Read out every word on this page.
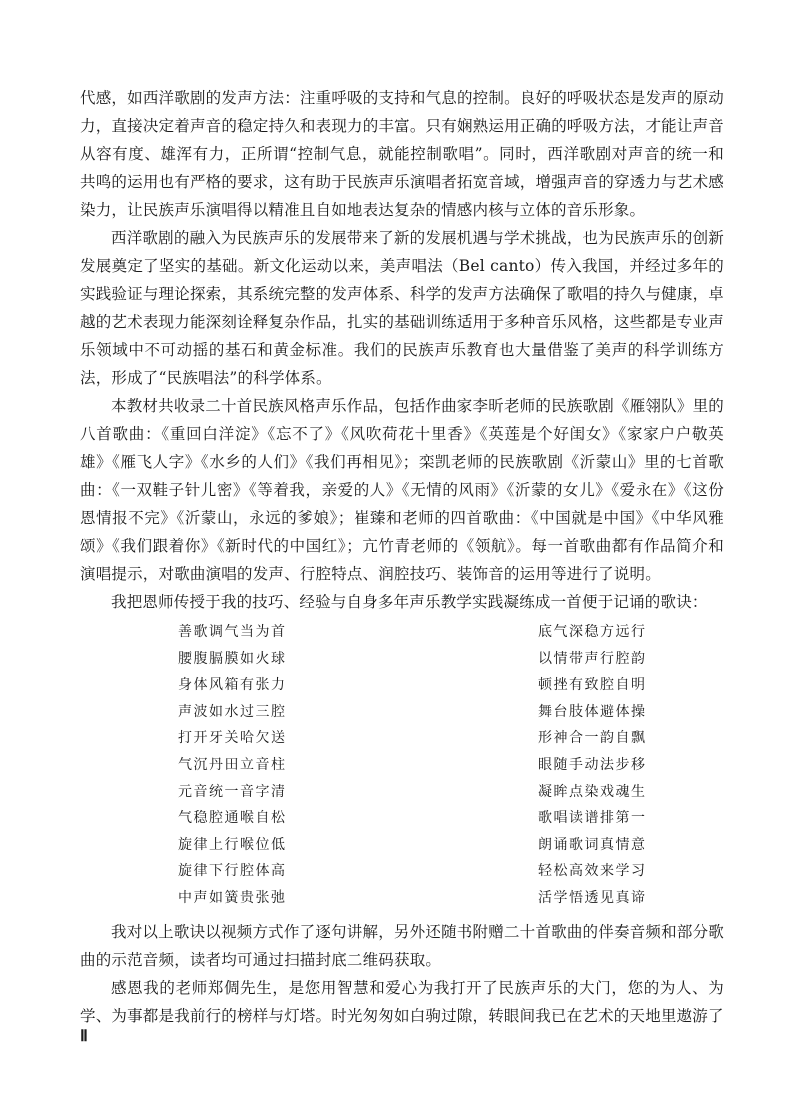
代感，如西洋歌剧的发声方法：注重呼吸的支持和气息的控制。良好的呼吸状态是发声的原动力，直接决定着声音的稳定持久和表现力的丰富。只有娴熟运用正确的呼吸方法，才能让声音从容有度、雄浑有力，正所谓“控制气息，就能控制歌唱”。同时，西洋歌剧对声音的统一和共鸣的运用也有严格的要求，这有助于民族声乐演唱者拓宽音域，增强声音的穿透力与艺术感染力，让民族声乐演唱得以精准且自如地表达复杂的情感内核与立体的音乐形象。

西洋歌剧的融入为民族声乐的发展带来了新的发展机遇与学术挑战，也为民族声乐的创新发展奠定了坚实的基础。新文化运动以来，美声唱法（Bel canto）传入我国，并经过多年的实践验证与理论探索，其系统完整的发声体系、科学的发声方法确保了歌唱的持久与健康，卓越的艺术表现力能深刻诠释复杂作品，扎实的基础训练适用于多种音乐风格，这些都是专业声乐领域中不可动摇的基石和黄金标准。我们的民族声乐教育也大量借鉴了美声的科学训练方法，形成了“民族唱法”的科学体系。

本教材共收录二十首民族风格声乐作品，包括作曲家李昕老师的民族歌剧《雁翎队》里的八首歌曲：《重回白洋淀》《忘不了》《风吹荷花十里香》《英莲是个好闺女》《家家户户敬英雄》《雁飞人字》《水乡的人们》《我们再相见》；栾凯老师的民族歌剧《沂蒙山》里的七首歌曲：《一双鞋子针儿密》《等着我，亲爱的人》《无情的风雨》《沂蒙的女儿》《爱永在》《这份恩情报不完》《沂蒙山，永远的爹娘》；崔臻和老师的四首歌曲：《中国就是中国》《中华风雅颂》《我们跟着你》《新时代的中国红》；亢竹青老师的《领航》。每一首歌曲都有作品简介和演唱提示，对歌曲演唱的发声、行腔特点、润腔技巧、装饰音的运用等进行了说明。

我把恩师传授于我的技巧、经验与自身多年声乐教学实践凝练成一首便于记诵的歌诀：

善歌调气当为首	底气深稳方远行
腰腹膈膜如火球	以情带声行腔韵
身体风箱有张力	顿挫有致腔自明
声波如水过三腔	舞台肢体避体操
打开牙关哈欠送	形神合一韵自飘
气沉丹田立音柱	眼随手动法步移
元音统一音字清	凝眸点染戏魂生
气稳腔通喉自松	歌唱读谱排第一
旋律上行喉位低	朗诵歌词真情意
旋律下行腔体高	轻松高效来学习
中声如簧贵张弛	活学悟透见真谛

我对以上歌诀以视频方式作了逐句讲解，另外还随书附赠二十首歌曲的伴奏音频和部分歌曲的示范音频，读者均可通过扫描封底二维码获取。

感恩我的老师郑倜先生，是您用智慧和爱心为我打开了民族声乐的大门，您的为人、为学、为事都是我前行的榜样与灯塔。时光匆匆如白驹过隙，转眼间我已在艺术的天地里遨游了

Ⅱ
